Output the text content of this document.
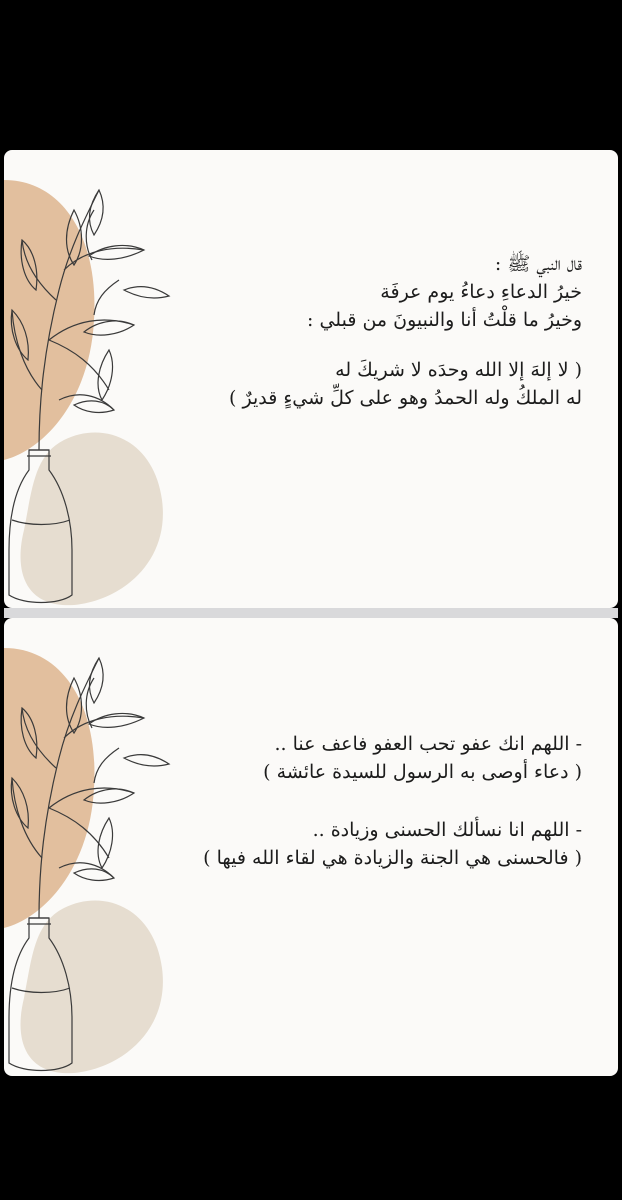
قال النبي ﷺ :
خيرُ الدعاءِ دعاءُ يوم عرفَة
وخيرُ ما قلْتُ أنا والنبيونَ من قبلي :
( لا إلهَ إلا الله وحدَه لا شريكَ له
له الملكُ وله الحمدُ وهو على كلِّ شيءٍ قديرٌ )
- اللهم انك عفو تحب العفو فاعف عنا ..
( دعاء أوصى به الرسول للسيدة عائشة )
- اللهم انا نسألك الحسنى وزيادة ..
( فالحسنى هي الجنة والزيادة هي لقاء الله فيها )
